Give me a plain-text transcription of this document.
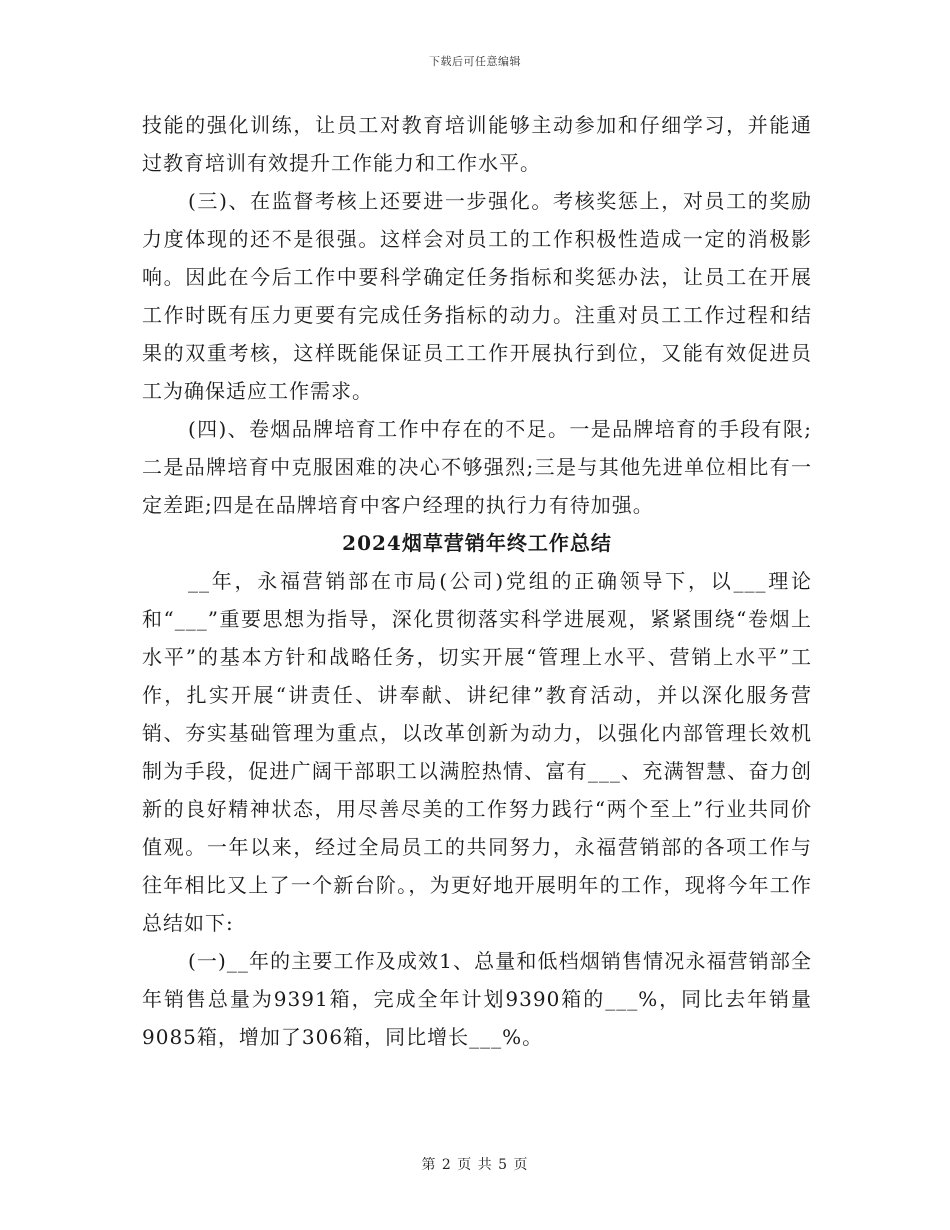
下载后可任意编辑

技能的强化训练，让员工对教育培训能够主动参加和仔细学习，并能通过教育培训有效提升工作能力和工作水平。

(三)、在监督考核上还要进一步强化。考核奖惩上，对员工的奖励力度体现的还不是很强。这样会对员工的工作积极性造成一定的消极影响。因此在今后工作中要科学确定任务指标和奖惩办法，让员工在开展工作时既有压力更要有完成任务指标的动力。注重对员工工作过程和结果的双重考核，这样既能保证员工工作开展执行到位，又能有效促进员工为确保适应工作需求。

(四)、卷烟品牌培育工作中存在的不足。一是品牌培育的手段有限;二是品牌培育中克服困难的决心不够强烈;三是与其他先进单位相比有一定差距;四是在品牌培育中客户经理的执行力有待加强。

2024烟草营销年终工作总结

__年，永福营销部在市局(公司)党组的正确领导下，以___理论和“___”重要思想为指导，深化贯彻落实科学进展观，紧紧围绕“卷烟上水平”的基本方针和战略任务，切实开展“管理上水平、营销上水平”工作，扎实开展“讲责任、讲奉献、讲纪律”教育活动，并以深化服务营销、夯实基础管理为重点，以改革创新为动力，以强化内部管理长效机制为手段，促进广阔干部职工以满腔热情、富有___、充满智慧、奋力创新的良好精神状态，用尽善尽美的工作努力践行“两个至上”行业共同价值观。一年以来，经过全局员工的共同努力，永福营销部的各项工作与往年相比又上了一个新台阶。，为更好地开展明年的工作，现将今年工作总结如下:

(一)__年的主要工作及成效1、总量和低档烟销售情况永福营销部全年销售总量为9391箱，完成全年计划9390箱的___%，同比去年销量9085箱，增加了306箱，同比增长___%。

第 2 页 共 5 页
